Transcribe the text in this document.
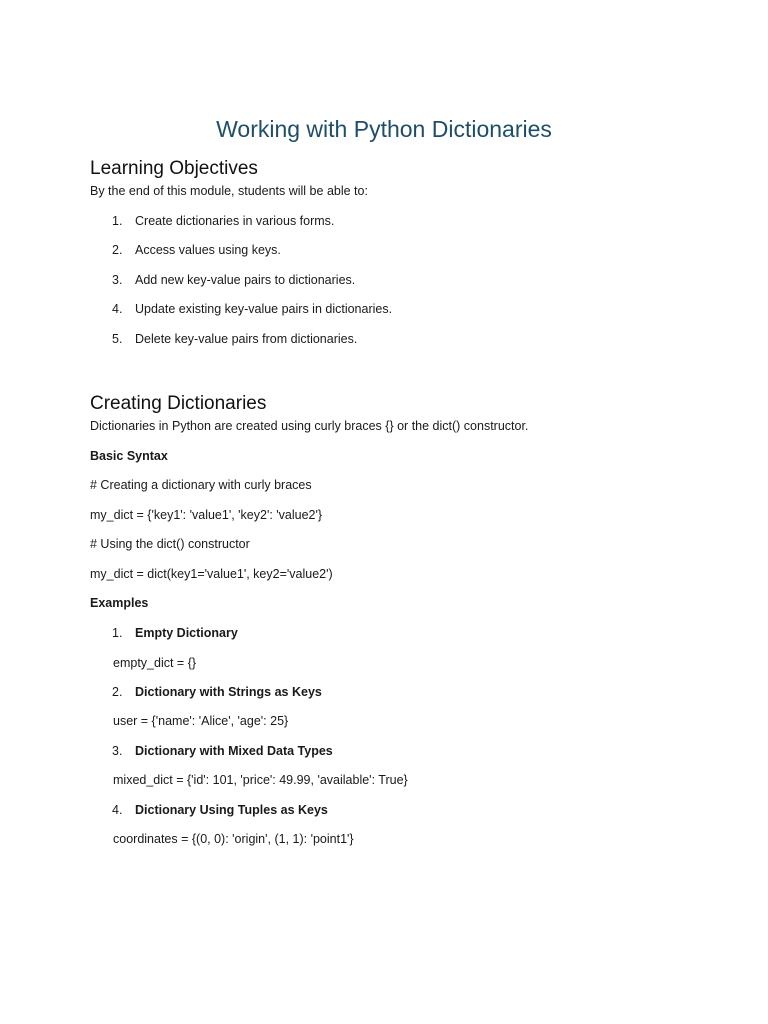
Working with Python Dictionaries
Learning Objectives

By the end of this module, students will be able to:

1. Create dictionaries in various forms.
2. Access values using keys.
3. Add new key-value pairs to dictionaries.
4. Update existing key-value pairs in dictionaries.
5. Delete key-value pairs from dictionaries.
Creating Dictionaries

Dictionaries in Python are created using curly braces {} or the dict() constructor.

Basic Syntax

# Creating a dictionary with curly braces

my_dict = {'key1': 'value1', 'key2': 'value2'}

# Using the dict() constructor

my_dict = dict(key1='value1', key2='value2')

Examples

1. Empty Dictionary
empty_dict = {}
2. Dictionary with Strings as Keys
user = {'name': 'Alice', 'age': 25}
3. Dictionary with Mixed Data Types
mixed_dict = {'id': 101, 'price': 49.99, 'available': True}
4. Dictionary Using Tuples as Keys
coordinates = {(0, 0): 'origin', (1, 1): 'point1'}
